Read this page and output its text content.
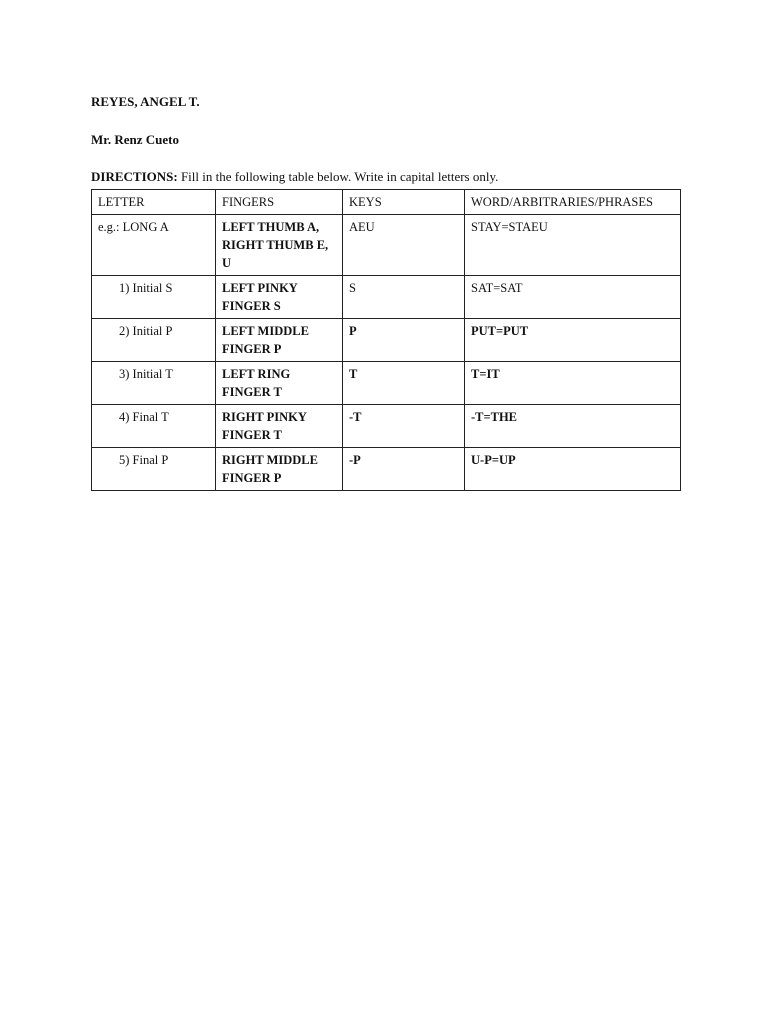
REYES, ANGEL T.
Mr. Renz Cueto
DIRECTIONS: Fill in the following table below. Write in capital letters only.
LETTER	FINGERS	KEYS	WORD/ARBITRARIES/PHRASES
e.g.: LONG A	LEFT THUMB A, RIGHT THUMB E, U	AEU	STAY=STAEU
1) Initial S	LEFT PINKY FINGER S	S	SAT=SAT
2) Initial P	LEFT MIDDLE FINGER P	P	PUT=PUT
3) Initial T	LEFT RING FINGER T	T	T=IT
4) Final T	RIGHT PINKY FINGER T	-T	-T=THE
5) Final P	RIGHT MIDDLE FINGER P	-P	U-P=UP
